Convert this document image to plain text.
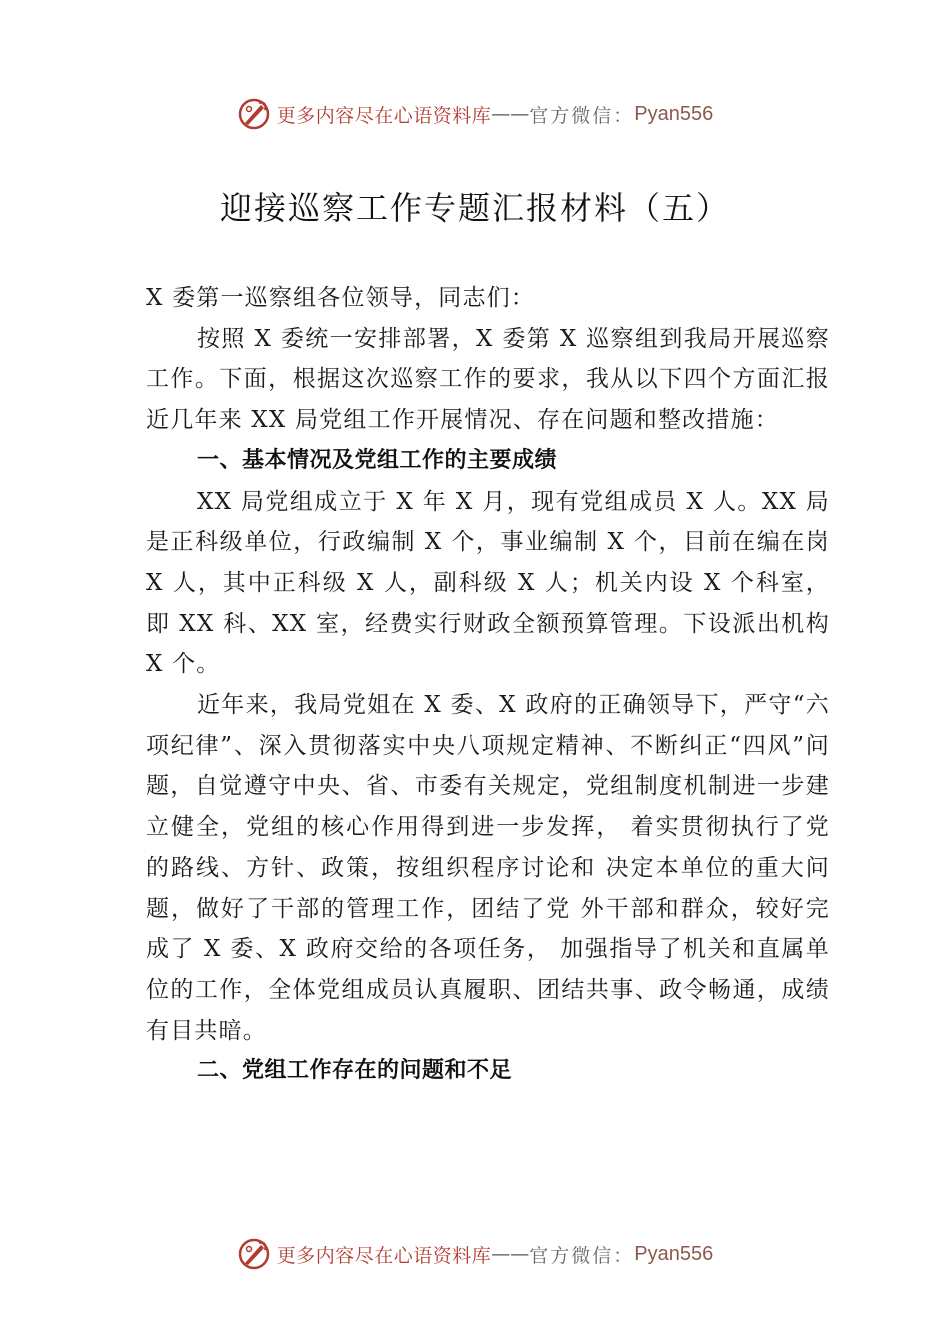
更多内容尽在心语资料库 —— 官方微信： Pyan556
迎接巡察工作专题汇报材料（五）

X 委第一巡察组各位领导，同志们：

按照 X 委统一安排部署，X 委第 X 巡察组到我局开展巡察工作。下面，根据这次巡察工作的要求，我从以下四个方面汇报近几年来 XX 局党组工作开展情况、存在问题和整改措施：

一、基本情况及党组工作的主要成绩

XX 局党组成立于 X 年 X 月，现有党组成员 X 人。XX 局是正科级单位，行政编制 X 个，事业编制 X 个，目前在编在岗 X 人，其中正科级 X 人，副科级 X 人；机关内设 X 个科室，即 XX 科、XX 室，经费实行财政全额预算管理。下设派出机构 X 个。

近年来，我局党姐在 X 委、X 政府的正确领导下，严守“六项纪律”、深入贯彻落实中央八项规定精神、不断纠正“四风”问题，自觉遵守中央、省、市委有关规定，党组制度机制进一步建立健全，党组的核心作用得到进一步发挥， 着实贯彻执行了党的路线、方针、政策，按组织程序讨论和 决定本单位的重大问题，做好了干部的管理工作，团结了党 外干部和群众，较好完成了 X 委、X 政府交给的各项任务， 加强指导了机关和直属单位的工作，全体党组成员认真履职、团结共事、政令畅通，成绩有目共暗。

二、党组工作存在的问题和不足

更多内容尽在心语资料库 —— 官方微信： Pyan556
